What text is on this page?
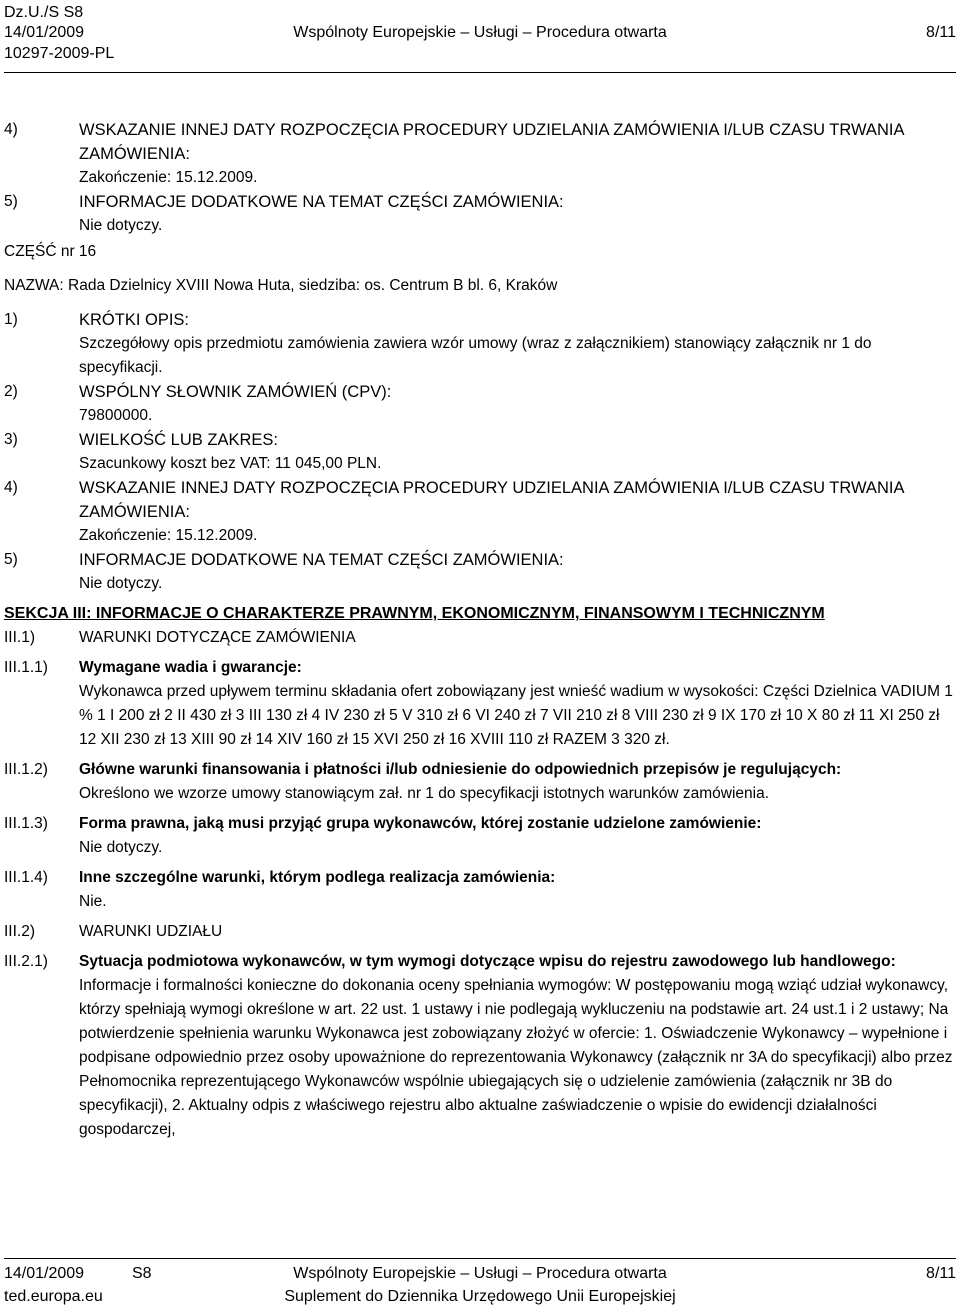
Dz.U./S S8
14/01/2009	Wspólnoty Europejskie – Usługi – Procedura otwarta	8/11
10297-2009-PL
4)	WSKAZANIE INNEJ DATY ROZPOCZĘCIA PROCEDURY UDZIELANIA ZAMÓWIENIA I/LUB CZASU TRWANIA ZAMÓWIENIA:
Zakończenie: 15.12.2009.
5)	INFORMACJE DODATKOWE NA TEMAT CZĘŚCI ZAMÓWIENIA:
Nie dotyczy.
CZĘŚĆ nr 16
NAZWA: Rada Dzielnicy XVIII Nowa Huta, siedziba: os. Centrum B bl. 6, Kraków
1)	KRÓTKI OPIS:
Szczegółowy opis przedmiotu zamówienia zawiera wzór umowy (wraz z załącznikiem) stanowiący załącznik nr 1 do specyfikacji.
2)	WSPÓLNY SŁOWNIK ZAMÓWIEŃ (CPV):
79800000.
3)	WIELKOŚĆ LUB ZAKRES:
Szacunkowy koszt bez VAT: 11 045,00 PLN.
4)	WSKAZANIE INNEJ DATY ROZPOCZĘCIA PROCEDURY UDZIELANIA ZAMÓWIENIA I/LUB CZASU TRWANIA ZAMÓWIENIA:
Zakończenie: 15.12.2009.
5)	INFORMACJE DODATKOWE NA TEMAT CZĘŚCI ZAMÓWIENIA:
Nie dotyczy.
SEKCJA III: INFORMACJE O CHARAKTERZE PRAWNYM, EKONOMICZNYM, FINANSOWYM I TECHNICZNYM
III.1)	WARUNKI DOTYCZĄCE ZAMÓWIENIA
III.1.1)	Wymagane wadia i gwarancje:
Wykonawca przed upływem terminu składania ofert zobowiązany jest wnieść wadium w wysokości: Części Dzielnica VADIUM 1 % 1 I 200 zł 2 II 430 zł 3 III 130 zł 4 IV 230 zł 5 V 310 zł 6 VI 240 zł 7 VII 210 zł 8 VIII 230 zł 9 IX 170 zł 10 X 80 zł 11 XI 250 zł 12 XII 230 zł 13 XIII 90 zł 14 XIV 160 zł 15 XVI 250 zł 16 XVIII 110 zł RAZEM 3 320 zł.
III.1.2)	Główne warunki finansowania i płatności i/lub odniesienie do odpowiednich przepisów je regulujących:
Określono we wzorze umowy stanowiącym zał. nr 1 do specyfikacji istotnych warunków zamówienia.
III.1.3)	Forma prawna, jaką musi przyjąć grupa wykonawców, której zostanie udzielone zamówienie:
Nie dotyczy.
III.1.4)	Inne szczególne warunki, którym podlega realizacja zamówienia:
Nie.
III.2)	WARUNKI UDZIAŁU
III.2.1)	Sytuacja podmiotowa wykonawców, w tym wymogi dotyczące wpisu do rejestru zawodowego lub handlowego:
Informacje i formalności konieczne do dokonania oceny spełniania wymogów: W postępowaniu mogą wziąć udział wykonawcy, którzy spełniają wymogi określone w art. 22 ust. 1 ustawy i nie podlegają wykluczeniu na podstawie art. 24 ust.1 i 2 ustawy; Na potwierdzenie spełnienia warunku Wykonawca jest zobowiązany złożyć w ofercie: 1. Oświadczenie Wykonawcy – wypełnione i podpisane odpowiednio przez osoby upoważnione do reprezentowania Wykonawcy (załącznik nr 3A do specyfikacji) albo przez Pełnomocnika reprezentującego Wykonawców wspólnie ubiegających się o udzielenie zamówienia (załącznik nr 3B do specyfikacji), 2. Aktualny odpis z właściwego rejestru albo aktualne zaświadczenie o wpisie do ewidencji działalności gospodarczej,
14/01/2009	S8	Wspólnoty Europejskie – Usługi – Procedura otwarta	8/11
ted.europa.eu	Suplement do Dziennika Urzędowego Unii Europejskiej
